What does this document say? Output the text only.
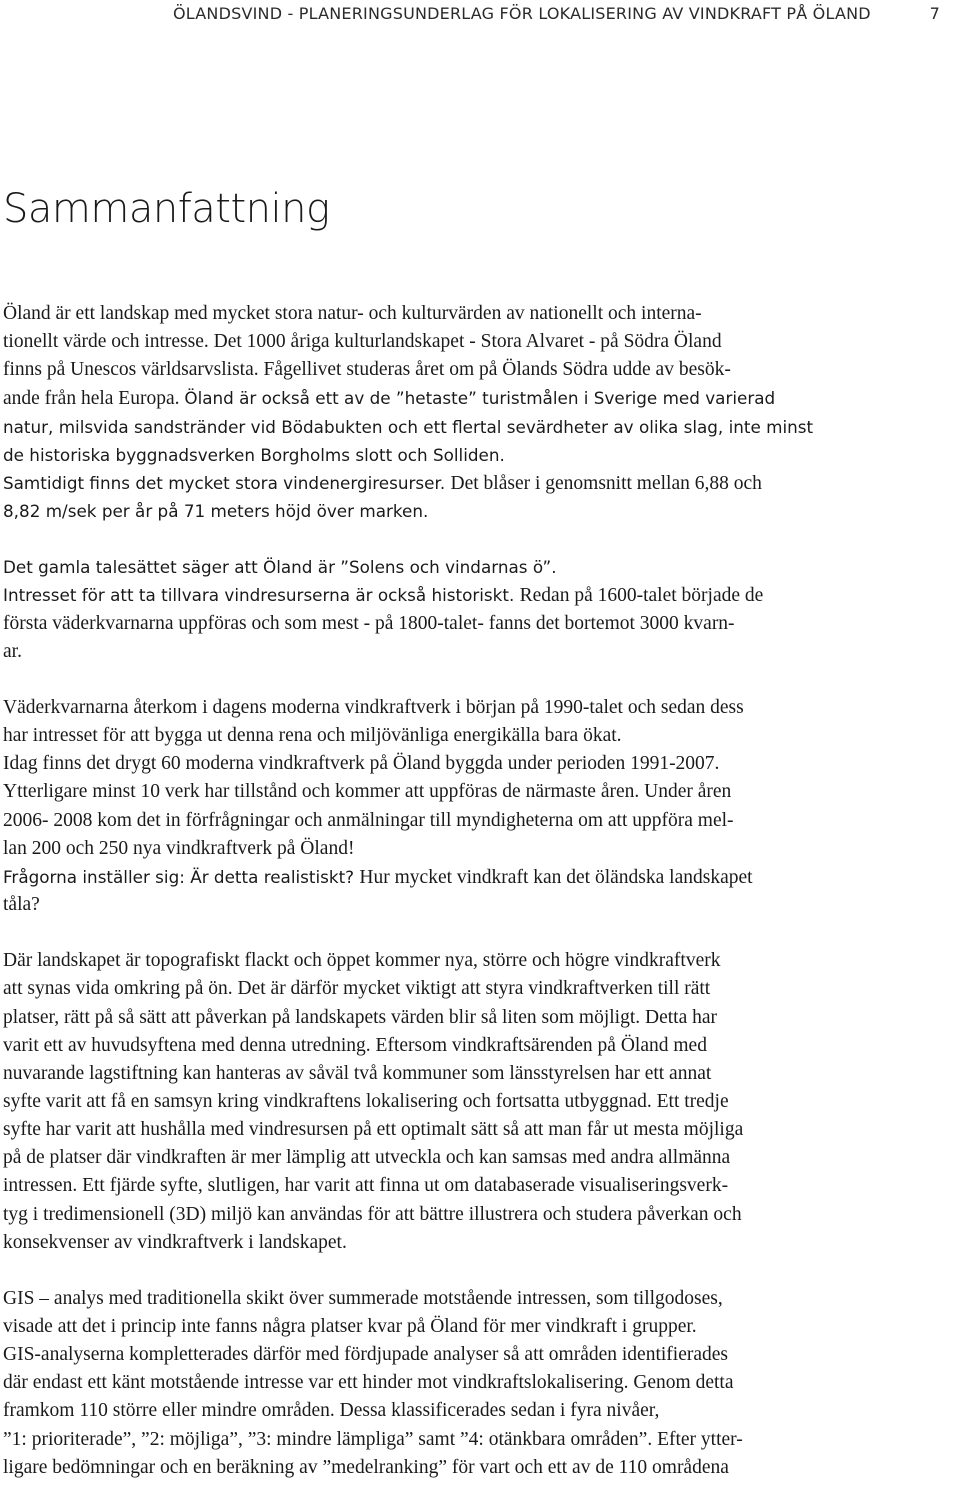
ÖLANDSVIND - PLANERINGSUNDERLAG FÖR LOKALISERING AV VINDKRAFT PÅ ÖLAND	7
Sammanfattning
Öland är ett landskap med mycket stora natur- och kulturvärden av nationellt och interna-
tionellt värde och intresse. Det 1000 åriga kulturlandskapet - Stora Alvaret - på Södra Öland
finns på Unescos världsarvslista. Fågellivet studeras året om på Ölands Södra udde av besök-
ande från hela Europa. Öland är också ett av de ”hetaste” turistmålen i Sverige med varierad
natur, milsvida sandstränder vid Bödabukten och ett flertal sevärdheter av olika slag, inte minst
de historiska byggnadsverken Borgholms slott och Solliden.
Samtidigt finns det mycket stora vindenergiresurser. Det blåser i genomsnitt mellan 6,88 och
8,82 m/sek per år på 71 meters höjd över marken.
Det gamla talesättet säger att Öland är ”Solens och vindarnas ö”.
Intresset för att ta tillvara vindresurserna är också historiskt. Redan på 1600-talet började de
första väderkvarnarna uppföras och som mest - på 1800-talet- fanns det bortemot 3000 kvarn-
ar.
Väderkvarnarna återkom i dagens moderna vindkraftverk i början på 1990-talet och sedan dess
har intresset för att bygga ut denna rena och miljövänliga energikälla bara ökat.
Idag finns det drygt 60 moderna vindkraftverk på Öland byggda under perioden 1991-2007.
Ytterligare minst 10 verk har tillstånd och kommer att uppföras de närmaste åren. Under åren
2006- 2008 kom det in förfrågningar och anmälningar till myndigheterna om att uppföra mel-
lan 200 och 250 nya vindkraftverk på Öland!
Frågorna inställer sig: Är detta realistiskt? Hur mycket vindkraft kan det öländska landskapet
tåla?
Där landskapet är topografiskt flackt och öppet kommer nya, större och högre vindkraftverk
att synas vida omkring på ön. Det är därför mycket viktigt att styra vindkraftverken till rätt
platser, rätt på så sätt att påverkan på landskapets värden blir så liten som möjligt. Detta har
varit ett av huvudsyftena med denna utredning. Eftersom vindkraftsärenden på Öland med
nuvarande lagstiftning kan hanteras av såväl två kommuner som länsstyrelsen har ett annat
syfte varit att få en samsyn kring vindkraftens lokalisering och fortsatta utbyggnad. Ett tredje
syfte har varit att hushålla med vindresursen på ett optimalt sätt så att man får ut mesta möjliga
på de platser där vindkraften är mer lämplig att utveckla och kan samsas med andra allmänna
intressen. Ett fjärde syfte, slutligen, har varit att finna ut om databaserade visualiseringsverk-
tyg i tredimensionell (3D) miljö kan användas för att bättre illustrera och studera påverkan och
konsekvenser av vindkraftverk i landskapet.
GIS – analys med traditionella skikt över summerade motstående intressen, som tillgodoses,
visade att det i princip inte fanns några platser kvar på Öland för mer vindkraft i grupper.
GIS-analyserna kompletterades därför med fördjupade analyser så att områden identifierades
där endast ett känt motstående intresse var ett hinder mot vindkraftslokalisering. Genom detta
framkom 110 större eller mindre områden. Dessa klassificerades sedan i fyra nivåer,
”1: prioriterade”, ”2: möjliga”, ”3: mindre lämpliga” samt ”4: otänkbara områden”. Efter ytter-
ligare bedömningar och en beräkning av ”medelranking” för vart och ett av de 110 områdena
